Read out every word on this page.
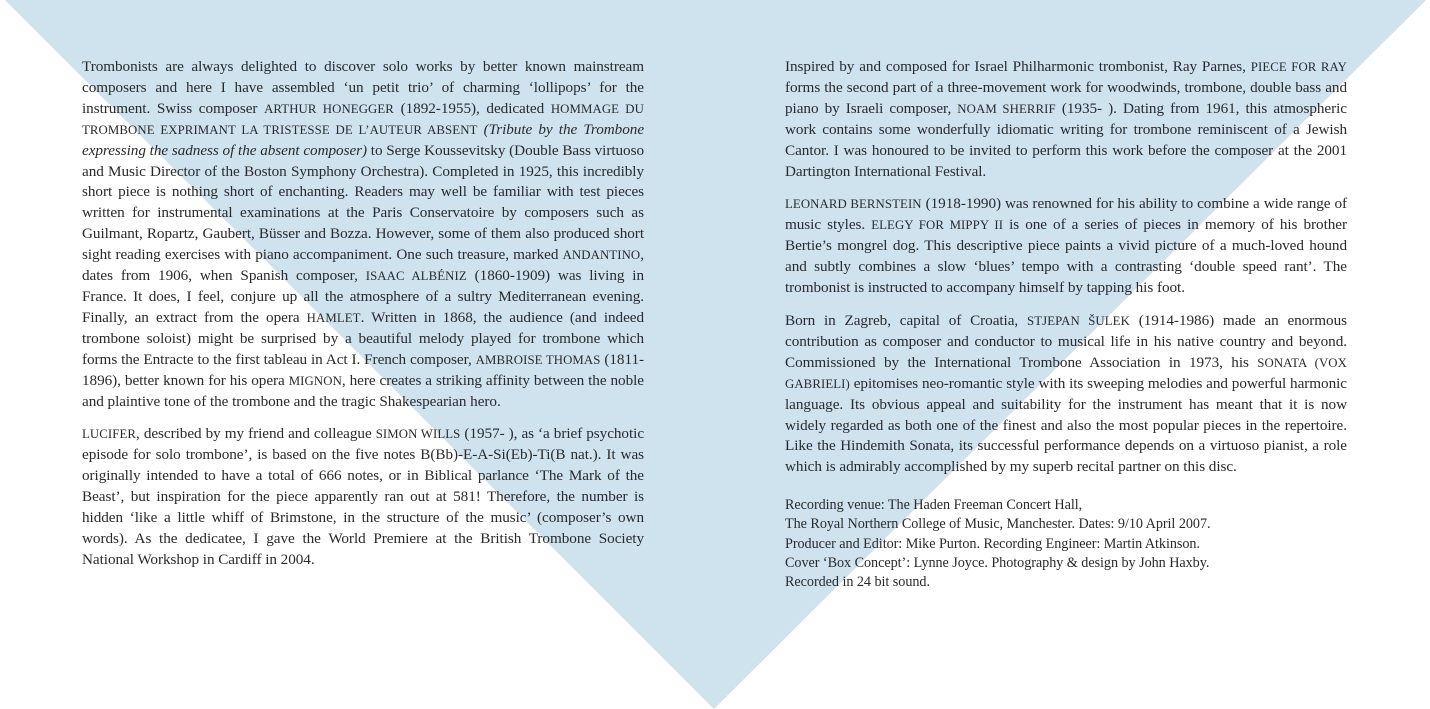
Trombonists are always delighted to discover solo works by better known mainstream composers and here I have assembled ‘un petit trio’ of charming ‘lollipops’ for the instrument. Swiss composer ARTHUR HONEGGER (1892-1955), dedicated HOMMAGE DU TROMBONE EXPRIMANT LA TRISTESSE DE L’AUTEUR ABSENT (Tribute by the Trombone expressing the sadness of the absent composer) to Serge Koussevitsky (Double Bass virtuoso and Music Director of the Boston Symphony Orchestra). Completed in 1925, this incredibly short piece is nothing short of enchanting. Readers may well be familiar with test pieces written for instrumental examinations at the Paris Conservatoire by composers such as Guilmant, Ropartz, Gaubert, Büsser and Bozza. However, some of them also produced short sight reading exercises with piano accompaniment. One such treasure, marked ANDANTINO, dates from 1906, when Spanish composer, ISAAC ALBÉNIZ (1860-1909) was living in France. It does, I feel, conjure up all the atmosphere of a sultry Mediterranean evening. Finally, an extract from the opera HAMLET. Written in 1868, the audience (and indeed trombone soloist) might be surprised by a beautiful melody played for trombone which forms the Entracte to the first tableau in Act I. French composer, AMBROISE THOMAS (1811-1896), better known for his opera MIGNON, here creates a striking affinity between the noble and plaintive tone of the trombone and the tragic Shakespearian hero.

LUCIFER, described by my friend and colleague SIMON WILLS (1957- ), as ‘a brief psychotic episode for solo trombone’, is based on the five notes B(Bb)-E-A-Si(Eb)-Ti(B nat.). It was originally intended to have a total of 666 notes, or in Biblical parlance ‘The Mark of the Beast’, but inspiration for the piece apparently ran out at 581! Therefore, the number is hidden ‘like a little whiff of Brimstone, in the structure of the music’ (composer’s own words). As the dedicatee, I gave the World Premiere at the British Trombone Society National Workshop in Cardiff in 2004.

Inspired by and composed for Israel Philharmonic trombonist, Ray Parnes, PIECE FOR RAY forms the second part of a three-movement work for woodwinds, trombone, double bass and piano by Israeli composer, NOAM SHERRIF (1935- ). Dating from 1961, this atmospheric work contains some wonderfully idiomatic writing for trombone reminiscent of a Jewish Cantor. I was honoured to be invited to perform this work before the composer at the 2001 Dartington International Festival.

LEONARD BERNSTEIN (1918-1990) was renowned for his ability to combine a wide range of music styles. ELEGY FOR MIPPY II is one of a series of pieces in memory of his brother Bertie’s mongrel dog. This descriptive piece paints a vivid picture of a much-loved hound and subtly combines a slow ‘blues’ tempo with a contrasting ‘double speed rant’. The trombonist is instructed to accompany himself by tapping his foot.

Born in Zagreb, capital of Croatia, STJEPAN ŠULEK (1914-1986) made an enormous contribution as composer and conductor to musical life in his native country and beyond. Commissioned by the International Trombone Association in 1973, his SONATA (VOX GABRIELI) epitomises neo-romantic style with its sweeping melodies and powerful harmonic language. Its obvious appeal and suitability for the instrument has meant that it is now widely regarded as both one of the finest and also the most popular pieces in the repertoire. Like the Hindemith Sonata, its successful performance depends on a virtuoso pianist, a role which is admirably accomplished by my superb recital partner on this disc.

Recording venue: The Haden Freeman Concert Hall,
The Royal Northern College of Music, Manchester. Dates: 9/10 April 2007.
Producer and Editor: Mike Purton. Recording Engineer: Martin Atkinson.
Cover ‘Box Concept’: Lynne Joyce. Photography & design by John Haxby.
Recorded in 24 bit sound.
